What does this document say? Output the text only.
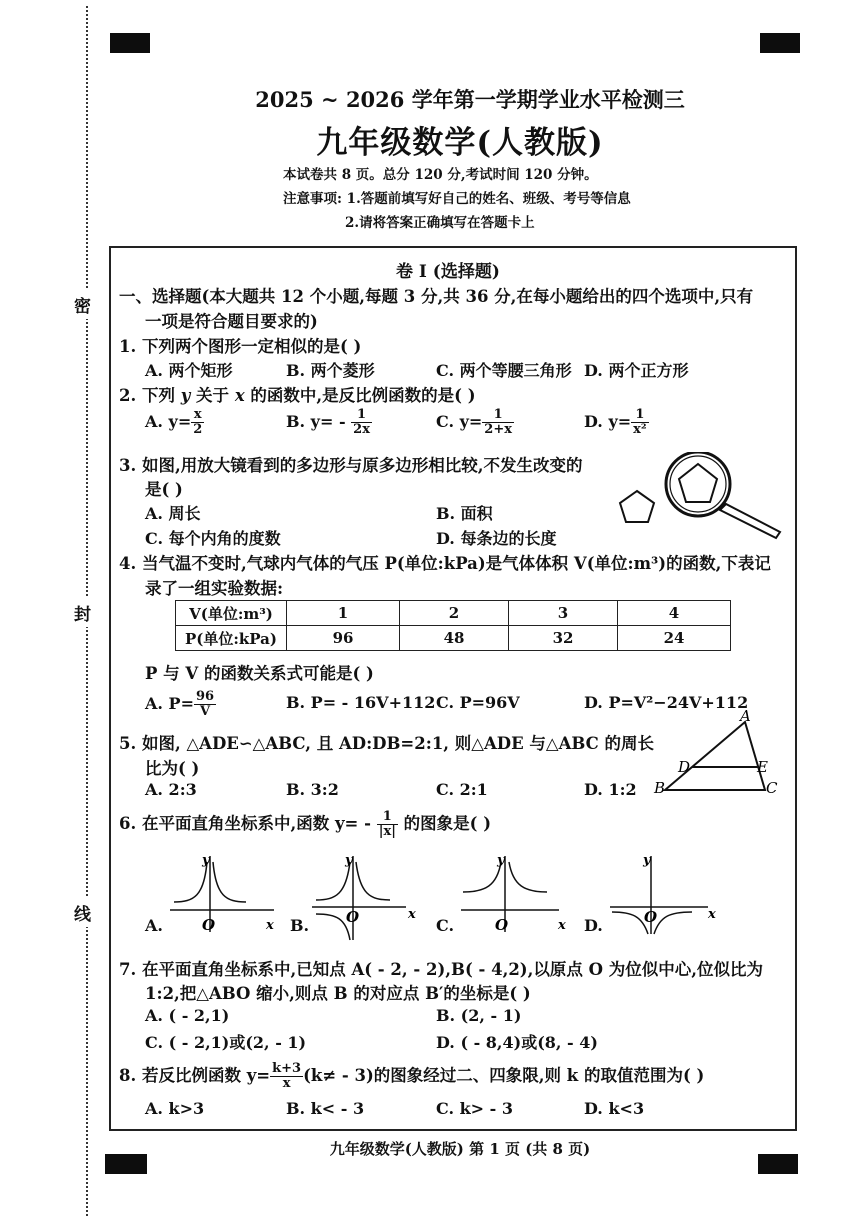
密
封
线
2025 ~ 2026 学年第一学期学业水平检测三
九年级数学(人教版)
本试卷共 8 页。总分 120 分,考试时间 120 分钟。
注意事项: 1.答题前填写好自己的姓名、班级、考号等信息
2.请将答案正确填写在答题卡上
卷 I (选择题)
一、选择题(本大题共 12 个小题,每题 3 分,共 36 分,在每小题给出的四个选项中,只有
一项是符合题目要求的)
1. 下列两个图形一定相似的是( )
A. 两个矩形	B. 两个菱形	C. 两个等腰三角形 D. 两个正方形
2. 下列 y 关于 x 的函数中,是反比例函数的是( )
A. $y= \frac{x}{2}$	B. $y= - \frac{1}{2x}$	C. $y= \frac{1}{2+x}$	D. $y= \frac{1}{\text{x²}}$
3. 如图,用放大镜看到的多边形与原多边形相比较,不发生改变的
是( )
A. 周长	B. 面积
C. 每个内角的度数	D. 每条边的长度
4. 当气温不变时,气球内气体的气压 P(单位:kPa)是气体体积 V(单位:m³)的函数,下表记
录了一组实验数据:
V(单位:m³)	1	2	3	4
P(单位:kPa)	96	48	32	24
P 与 V 的函数关系式可能是( )
A. $P= \frac{96}{V}$	B. P= - 16V+112 C. P=96V	D. P=V²−24V+112
5. 如图, △ADE∽△ABC, 且 AD:DB=2:1, 则△ADE 与△ABC 的周长
比为( )
A. 2:3	B. 3:2	C. 2:1	D. 1:2
A
D	E
B	C
6. 在平面直角坐标系中,函数 $y= - \frac{1}{|x|}$ 的图象是( )
A.
y
x
O	B.
y
x
O	C.
y
x
O	D.
y
x
O
7. 在平面直角坐标系中,已知点 A( - 2, - 2),B( - 4,2),以原点 O 为位似中心,位似比为
1:2,把△ABO 缩小,则点 B 的对应点 B′的坐标是( )
A. ( - 2,1)	B. (2, - 1)
C. ( - 2,1)或(2, - 1)	D. ( - 8,4)或(8, - 4)
8. 若反比例函数 $y= \frac{k+3}{x} (k\ne - 3)$的图象经过二、四象限,则 k 的取值范围为( )
A. k>3	B. k< - 3	C. k> - 3	D. k<3
九年级数学(人教版) 第 1 页 (共 8 页)
